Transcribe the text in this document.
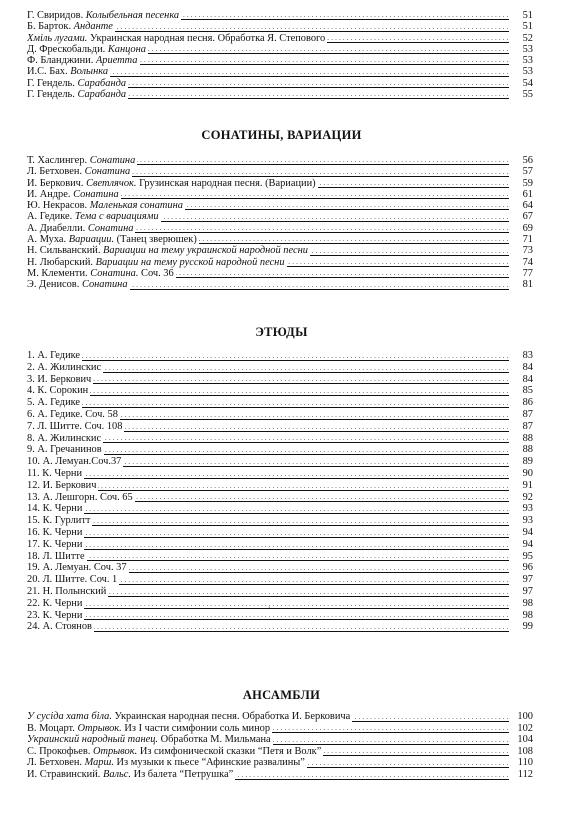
. . .
Г. Свиридов. Колыбельная песенка	51
. . .
Б. Барток. Анданте	51
. . .
Хміль лугами. Украинская народная песня. Обработка Я. Степового	52
. . .
Д. Фрескобальди. Канцона	53
. . .
Ф. Бланджини. Ариетта	53
. . .
И.С. Бах. Волынка	53
. . .
Г. Гендель. Сарабанда	54
. . .
Г. Гендель. Сарабанда	55
СОНАТИНЫ, ВАРИАЦИИ
. . .
Т. Хаслингер. Сонатина	56
. . .
Л. Бетховен. Сонатина	57
. . .
И. Беркович. Светлячок. Грузинская народная песня. (Вариации)	59
. . .
И. Андре. Сонатина	61
. . .
Ю. Некрасов. Маленькая сонатина	64
. . .
А. Гедике. Тема с вариациями	67
. . .
А. Диабелли. Сонатина	69
. . .
А. Муха. Вариации. (Танец зверюшек)	71
. . .
Н. Сильванский. Вариации на тему украинской народной песни	73
. . .
Н. Любарский. Вариации на тему русской народной песни	74
. . .
М. Клементи. Сонатина. Соч. 36	77
. . .
Э. Денисов. Сонатина	81
ЭТЮДЫ
. . .
1. А. Гедике	83
. . .
2. А. Жилинскис	84
. . .
3. И. Беркович	84
. . .
4. К. Сорокин	85
. . .
5. А. Гедике	86
. . .
6. А. Гедике. Соч. 58	87
. . .
7. Л. Шитте. Соч. 108	87
. . .
8. А. Жилинскис	88
. . .
9. А. Гречанинов	88
. . .
10. А. Лемуан.Соч.37	89
. . .
11. К. Черни	90
. . .
12. И. Беркович	91
. . .
13. А. Лешгорн. Соч. 65	92
. . .
14. К. Черни	93
. . .
15. К. Гурлитт	93
. . .
16. К. Черни	94
. . .
17. К. Черни	94
. . .
18. Л. Шитте	95
. . .
19. А. Лемуан. Соч. 37	96
. . .
20. Л. Шитте. Соч. 1	97
. . .
21. Н. Полынский	97
. . .
22. К. Черни	98
. . .
23. К. Черни	98
. . .
24. А. Стоянов	99
ʻ
АНСАМБЛИ
. . .
У сусіда хата біла. Украинская народная песня. Обработка И. Берковича	100
. . .
В. Моцарт. Отрывок. Из I части симфонии соль минор	102
. . .
Украинский народный танец. Обработка М. Мильмана	104
. . .
С. Прокофьев. Отрывок. Из симфонической сказки “Петя и Волк”	108
. . .
Л. Бетховен. Марш. Из музыки к пьесе “Афинские развалины”	110
. . .
И. Стравинский. Вальс. Из балета “Петрушка”	112
